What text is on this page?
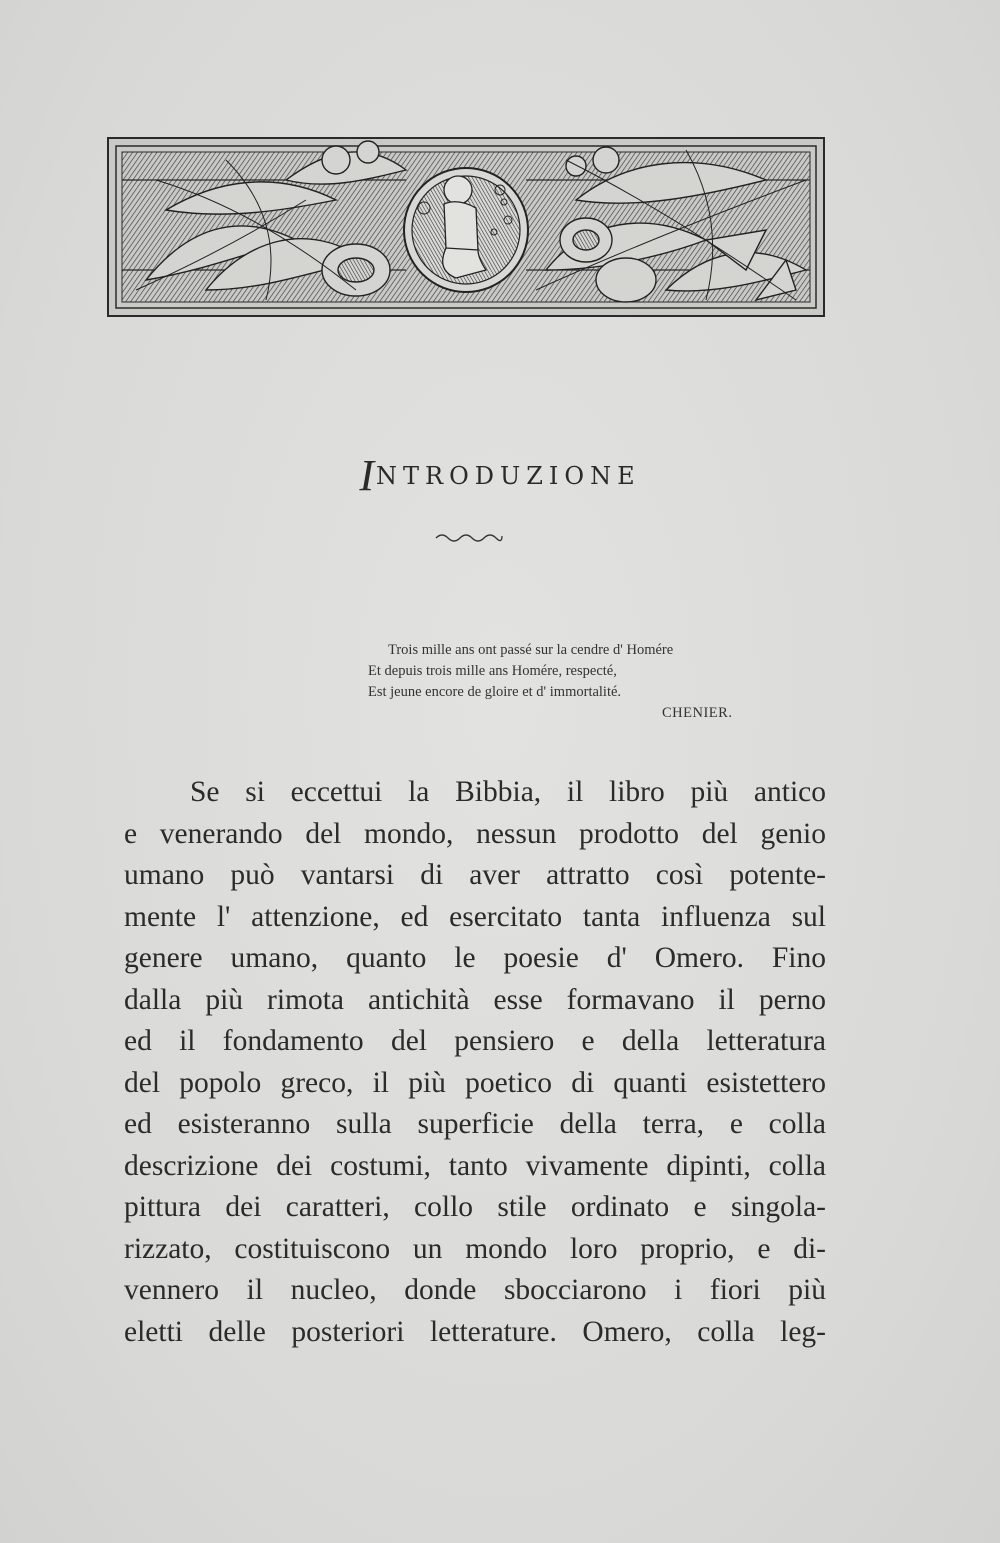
INTRODUZIONE
Trois mille ans ont passé sur la cendre d' Homére
Et depuis trois mille ans Homére, respecté,
Est jeune encore de gloire et d' immortalité.
CHENIER.
Se si eccettui la Bibbia, il libro più antico
e venerando del mondo, nessun prodotto del genio
umano può vantarsi di aver attratto così potente-
mente l' attenzione, ed esercitato tanta influenza sul
genere umano, quanto le poesie d' Omero. Fino
dalla più rimota antichità esse formavano il perno
ed il fondamento del pensiero e della letteratura
del popolo greco, il più poetico di quanti esistettero
ed esisteranno sulla superficie della terra, e colla
descrizione dei costumi, tanto vivamente dipinti, colla
pittura dei caratteri, collo stile ordinato e singola-
rizzato, costituiscono un mondo loro proprio, e di-
vennero il nucleo, donde sbocciarono i fiori più
eletti delle posteriori letterature. Omero, colla leg-
